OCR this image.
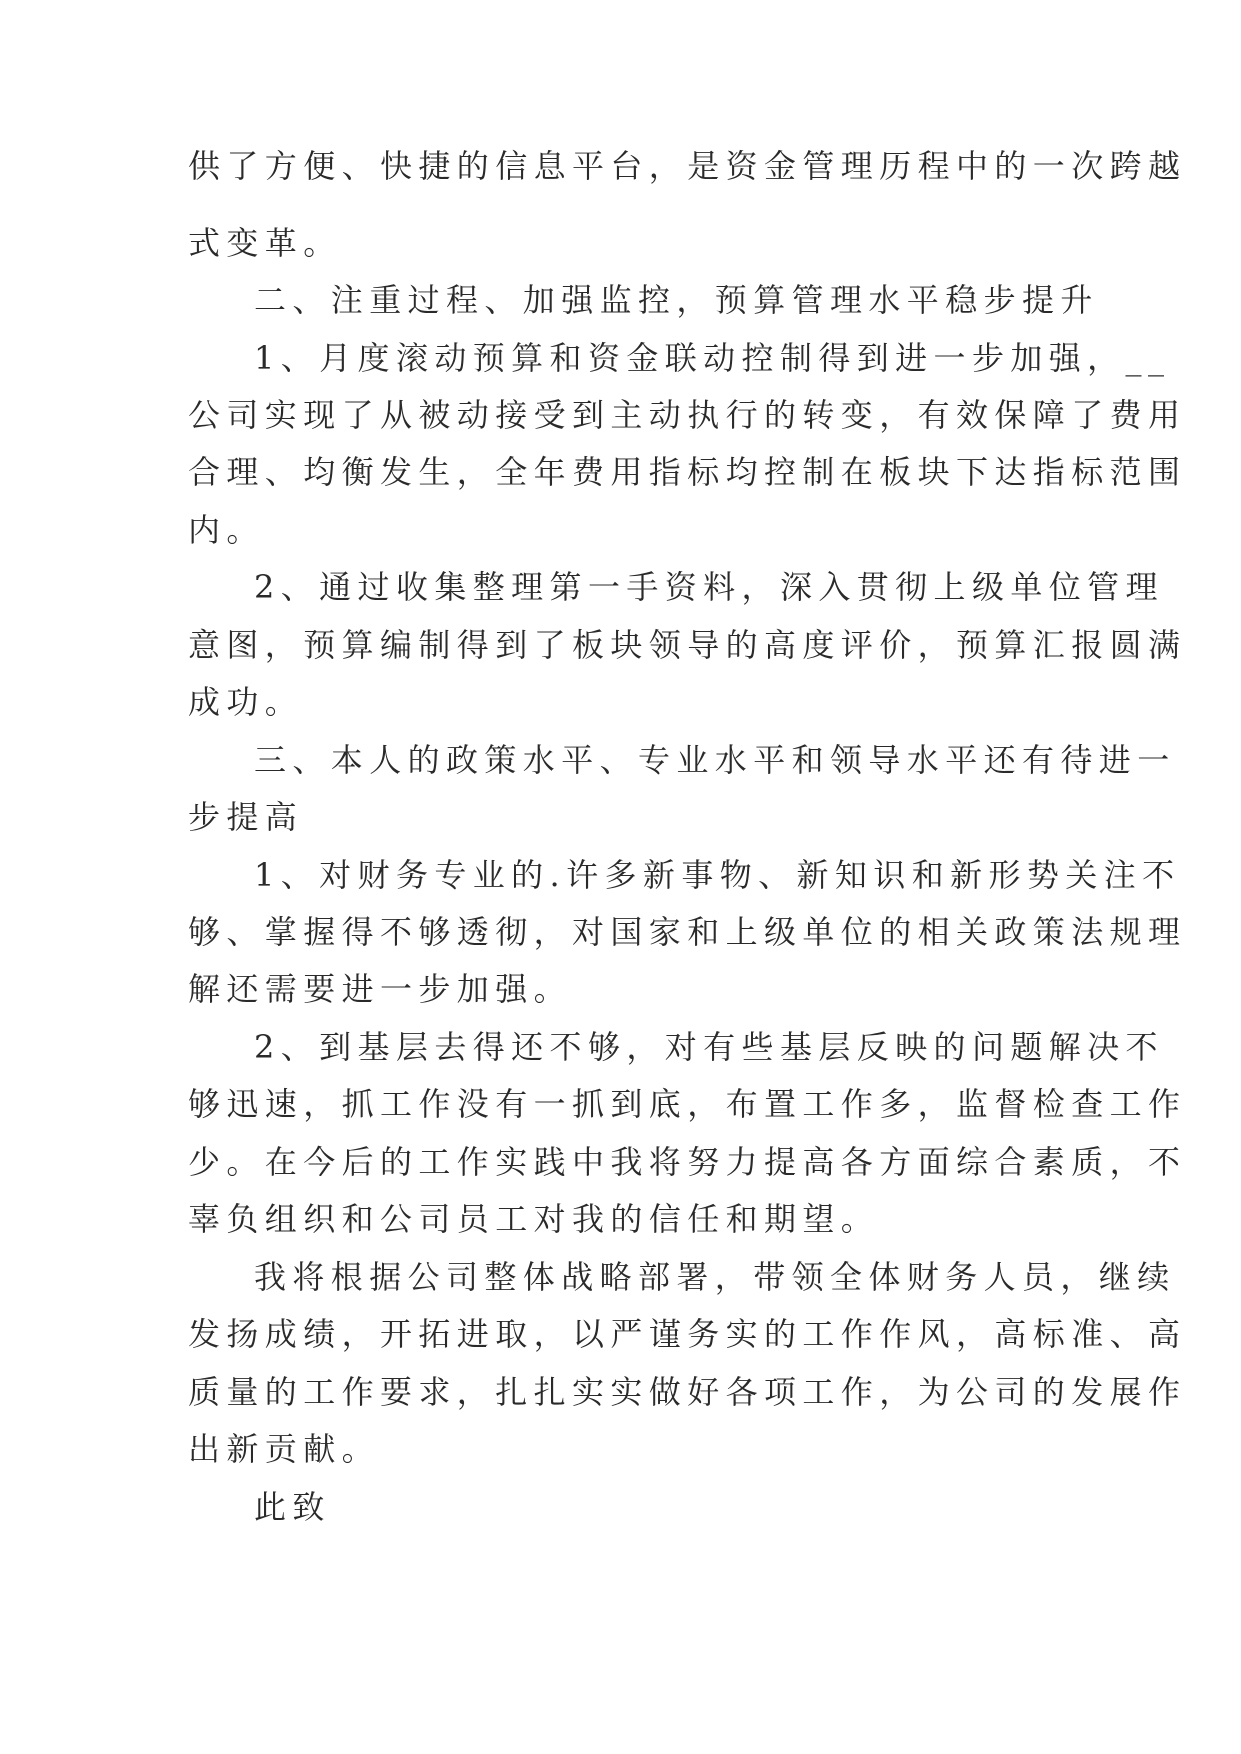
供了方便、快捷的信息平台，是资金管理历程中的一次跨越
式变革。
二、注重过程、加强监控，预算管理水平稳步提升
1、月度滚动预算和资金联动控制得到进一步加强，__
公司实现了从被动接受到主动执行的转变，有效保障了费用
合理、均衡发生，全年费用指标均控制在板块下达指标范围
内。
2、通过收集整理第一手资料，深入贯彻上级单位管理
意图，预算编制得到了板块领导的高度评价，预算汇报圆满
成功。
三、本人的政策水平、专业水平和领导水平还有待进一
步提高
1、对财务专业的.许多新事物、新知识和新形势关注不
够、掌握得不够透彻，对国家和上级单位的相关政策法规理
解还需要进一步加强。
2、到基层去得还不够，对有些基层反映的问题解决不
够迅速，抓工作没有一抓到底，布置工作多，监督检查工作
少。在今后的工作实践中我将努力提高各方面综合素质，不
辜负组织和公司员工对我的信任和期望。
我将根据公司整体战略部署，带领全体财务人员，继续
发扬成绩，开拓进取，以严谨务实的工作作风，高标准、高
质量的工作要求，扎扎实实做好各项工作，为公司的发展作
出新贡献。
此致
